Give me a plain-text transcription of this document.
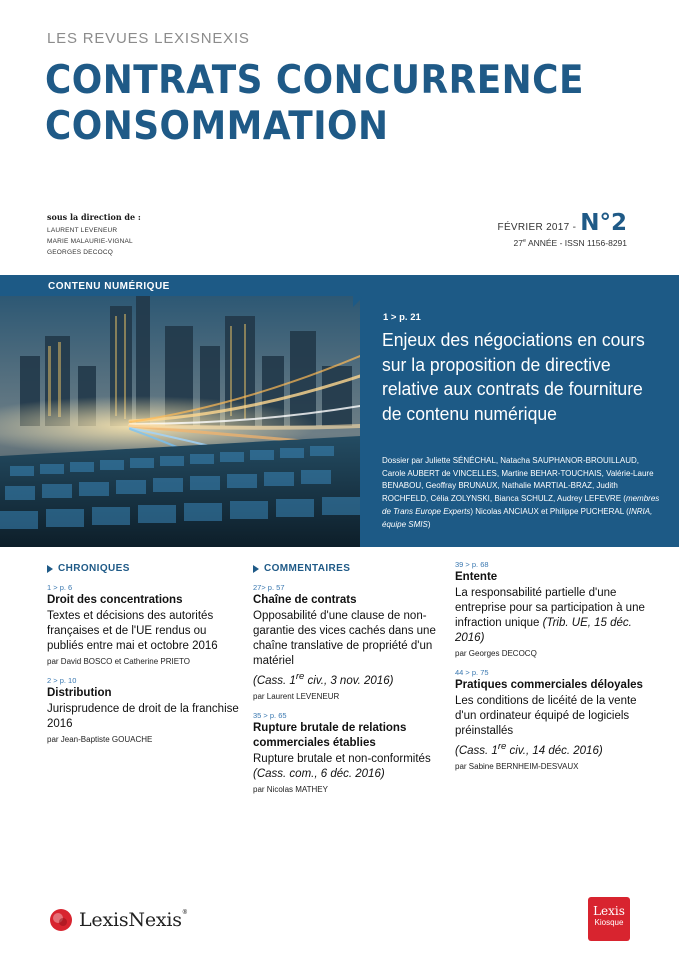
LES REVUES LEXISNEXIS
CONTRATS CONCURRENCE
CONSOMMATION
sous la direction de :
LAURENT LEVENEUR
MARIE MALAURIE-VIGNAL
GEORGES DECOCQ
FÉVRIER 2017 - N°2
27e ANNÉE - ISSN 1156-8291
CONTENU NUMÉRIQUE
1 > p. 21
Enjeux des négociations en cours sur la proposition de directive relative aux contrats de fourniture de contenu numérique
Dossier par Juliette SÉNÉCHAL, Natacha SAUPHANOR-BROUILLAUD, Carole AUBERT de VINCELLES, Martine BEHAR-TOUCHAIS, Valérie-Laure BENABOU, Geoffray BRUNAUX, Nathalie MARTIAL-BRAZ, Judith ROCHFELD, Célia ZOLYNSKI, Bianca SCHULZ, Audrey LEFEVRE (membres de Trans Europe Experts) Nicolas ANCIAUX et Philippe PUCHERAL (INRIA, équipe SMIS)
CHRONIQUES
1 > p. 6
Droit des concentrations
Textes et décisions des autorités françaises et de l'UE rendus ou publiés entre mai et octobre 2016
par David BOSCO et Catherine PRIETO
2 > p. 10
Distribution
Jurisprudence de droit de la franchise 2016
par Jean-Baptiste GOUACHE
COMMENTAIRES
27> p. 57
Chaîne de contrats
Opposabilité d'une clause de non-garantie des vices cachés dans une chaîne translative de propriété d'un matériel
(Cass. 1re civ., 3 nov. 2016)
par Laurent LEVENEUR
35 > p. 65
Rupture brutale de relations commerciales établies
Rupture brutale et non-conformités
(Cass. com., 6 déc. 2016)
par Nicolas MATHEY
39 > p. 68
Entente
La responsabilité partielle d'une entreprise pour sa participation à une infraction unique (Trib. UE, 15 déc. 2016)
par Georges DECOCQ
44 > p. 75
Pratiques commerciales déloyales
Les conditions de licéité de la vente d'un ordinateur équipé de logiciels préinstallés
(Cass. 1re civ., 14 déc. 2016)
par Sabine BERNHEIM-DESVAUX
LexisNexis®	Lexis
Kiosque
